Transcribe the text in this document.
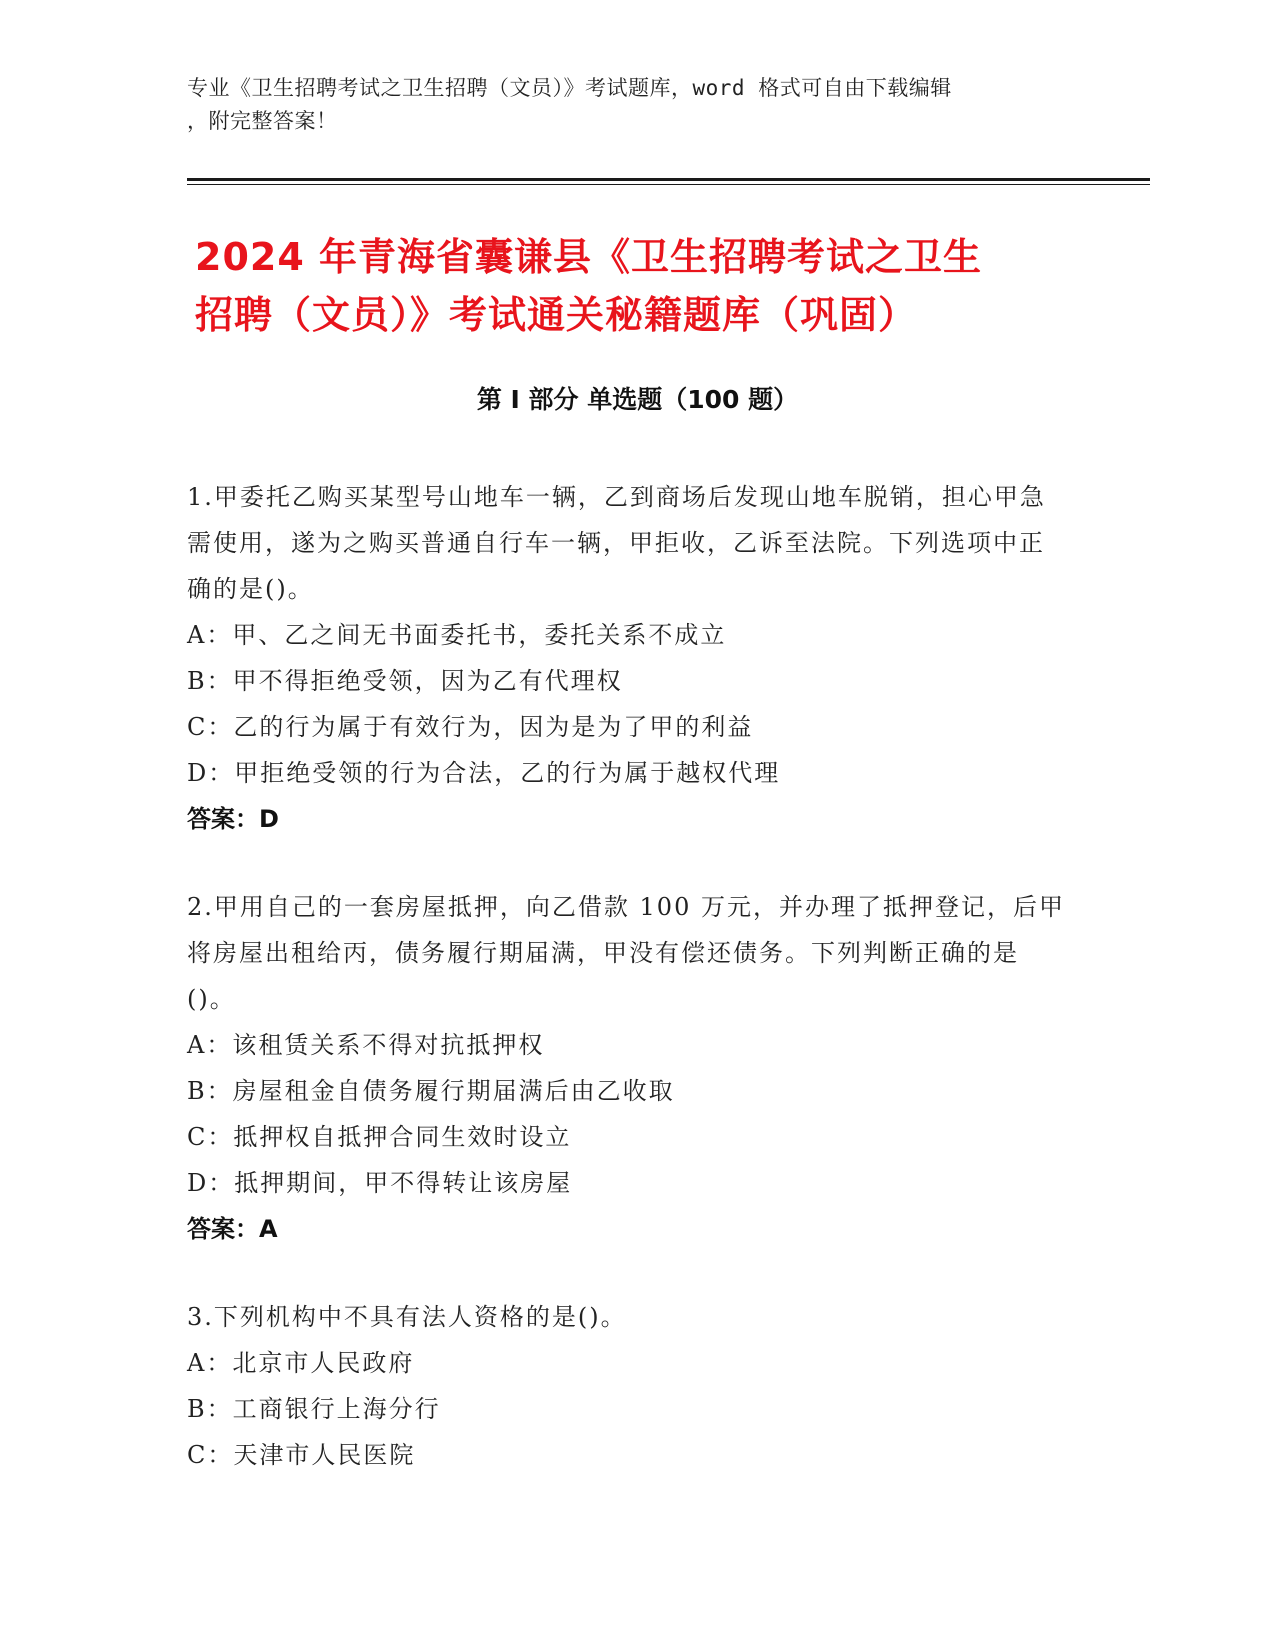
专业《卫生招聘考试之卫生招聘（文员）》考试题库，word 格式可自由下载编辑
，附完整答案！
2024 年青海省囊谦县《卫生招聘考试之卫生
招聘（文员）》考试通关秘籍题库（巩固）
第 I 部分 单选题（100 题）
1.甲委托乙购买某型号山地车一辆，乙到商场后发现山地车脱销，担心甲急需使用，遂为之购买普通自行车一辆，甲拒收，乙诉至法院。下列选项中正确的是()。
A：甲、乙之间无书面委托书，委托关系不成立
B：甲不得拒绝受领，因为乙有代理权
C：乙的行为属于有效行为，因为是为了甲的利益
D：甲拒绝受领的行为合法，乙的行为属于越权代理
答案：D
2.甲用自己的一套房屋抵押，向乙借款 100 万元，并办理了抵押登记，后甲将房屋出租给丙，债务履行期届满，甲没有偿还债务。下列判断正确的是()。
A：该租赁关系不得对抗抵押权
B：房屋租金自债务履行期届满后由乙收取
C：抵押权自抵押合同生效时设立
D：抵押期间，甲不得转让该房屋
答案：A
3.下列机构中不具有法人资格的是()。
A：北京市人民政府
B：工商银行上海分行
C：天津市人民医院
